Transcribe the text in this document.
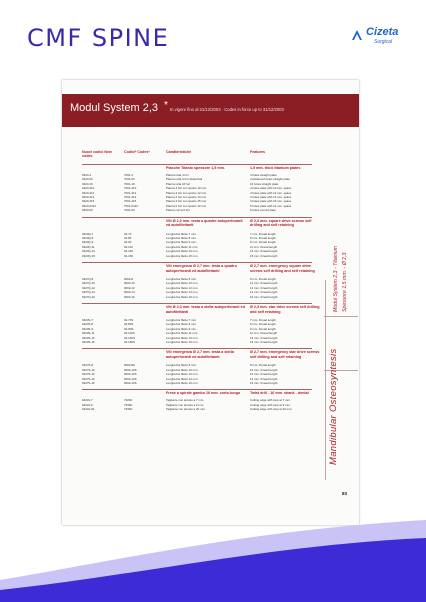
CMF SPINE	Cizeta
Surgical
Modul System 2,3 * In vigore fino al 31/12/2003 · Codes in force up to 31/12/2003
Nuovi codici New codes
Codici* Codes*	Caratteristiche	Features
Modul System 2,3 - Titanium Spessore 1,5 mm. - Ø 2,3
Mandibular Osteosyntesis
83
Placche Titanio spessore 1,5 mm.	1,5 mm. thick titanium plates
0323-4	7001-4	Placca retta 4 fori	4 holes straight plate
0323-03	7001-03	Placca retta 4 fori distanziati	4 distanced holes straight plate
0323-16	7001-16	Placca retta 16 fori	16 holes straight plate
0323-410	7001-410	Placca 4 fori con spazio 10 mm.	4 holes plate with 10 mm. space
0323-412	7001-412	Placca 4 fori con spazio 12 mm.	4 holes plate with 12 mm. space
0323-413	7001-413	Placca 4 fori con spazio 13 mm.	4 holes plate with 13 mm. space
0323-415	7001-415	Placca 4 fori con spazio 15 mm.	4 holes plate with 15 mm. space
0323-6412	7001-6412	Placca 6 fori con spazio 12 mm.	6 holes plate with 12 mm. space
0323-6C	7001-6C	Placca curva 6 fori	6 holes curved plate
Viti Ø 2,3 mm. testa a quadro autoperforanti ed autofilettanti
Ø 2,3 mm. square drive screws self drilling and self retaining
0323Q-7	02-70	Lunghezza filetto 7 mm.	7 mm. thread length
0323Q-8	02-80	Lunghezza filetto 8 mm.	8 mm. thread length
0323Q-9	02-90	Lunghezza filetto 9 mm.	9 mm. thread length
0323Q-11	02-110	Lunghezza filetto 11 mm.	11 mm. thread length
0323Q-13	02-130	Lunghezza filetto 13 mm.	13 mm. thread length
0323Q-15	02-150	Lunghezza filetto 15 mm.	15 mm. thread length
Viti emergenza Ø 2,7 mm. testa a quadro autoperforanti ed autofilettanti
Ø 2,7 mm. emergency square drive screws self drilling and self retaining
0327Q-8	0002-8	Lunghezza filetto 8 mm.	8 mm. thread length
0327Q-10	0002-10	Lunghezza filetto 10 mm.	10 mm. thread length
0327Q-12	0002-12	Lunghezza filetto 12 mm.	12 mm. thread length
0327Q-14	0002-14	Lunghezza filetto 14 mm.	14 mm. thread length
0327Q-16	0002-16	Lunghezza filetto 16 mm.	16 mm. thread length
Viti Ø 2,3 mm. testa a stella autoperforanti ed autofilettanti
Ø 2,3 mm. star drive screws self drilling and self retaining
0323S-7	02-70S	Lunghezza filetto 7 mm.	7 mm. thread length
0323S-8	02-80S	Lunghezza filetto 8 mm.	8 mm. thread length
0323S-9	02-90S	Lunghezza filetto 9 mm.	9 mm. thread length
0323S-11	02-110S	Lunghezza filetto 11 mm.	11 mm. thread length
0323S-13	02-130S	Lunghezza filetto 13 mm.	13 mm. thread length
0323S-15	02-150S	Lunghezza filetto 15 mm.	15 mm. thread length
Viti emergenza Ø 2,7 mm. testa a stella autoperforanti ed autofilettanti
Ø 2,7 mm. emergency star drive screws self drilling and self retaining
0327S-8	0002-8S	Lunghezza filetto 8 mm.	8 mm. thread length
0327S-10	0002-10S	Lunghezza filetto 10 mm.	10 mm. thread length
0327S-12	0002-12S	Lunghezza filetto 12 mm.	12 mm. thread length
0327S-14	0002-14S	Lunghezza filetto 14 mm.	14 mm. thread length
0327S-16	0002-16S	Lunghezza filetto 16 mm.	16 mm. thread length
Frese a spirale gambo 16 mm. corto-lungo	Twist drill - 16 mm. shank - dental
04231-7	7320C	Tagliente con arresto a 7 mm.	Cutting edge with stop at 7 mm.
04231-9	7330C	Tagliente con arresto a 9 mm.	Cutting edge with stop at 9 mm.
04231-20	7330C	Tagliente con arresto a 20 mm.	Cutting edge with stop at 20 mm.
